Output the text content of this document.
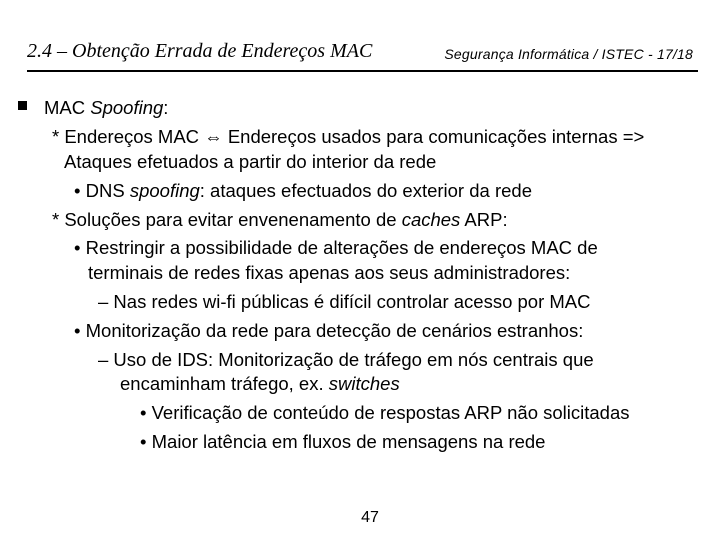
2.4 – Obtenção Errada de Endereços MAC	Segurança Informática / ISTEC - 17/18
MAC Spoofing:
* Endereços MAC ⇔ Endereços usados para comunicações internas =>
Ataques efetuados a partir do interior da rede
• DNS spoofing: ataques efectuados do exterior da rede
* Soluções para evitar envenenamento de caches ARP:
• Restringir a possibilidade de alterações de endereços MAC de
terminais de redes fixas apenas aos seus administradores:
– Nas redes wi-fi públicas é difícil controlar acesso por MAC
• Monitorização da rede para detecção de cenários estranhos:
– Uso de IDS: Monitorização de tráfego em nós centrais que
encaminham tráfego, ex. switches
• Verificação de conteúdo de respostas ARP não solicitadas
• Maior latência em fluxos de mensagens na rede
47
